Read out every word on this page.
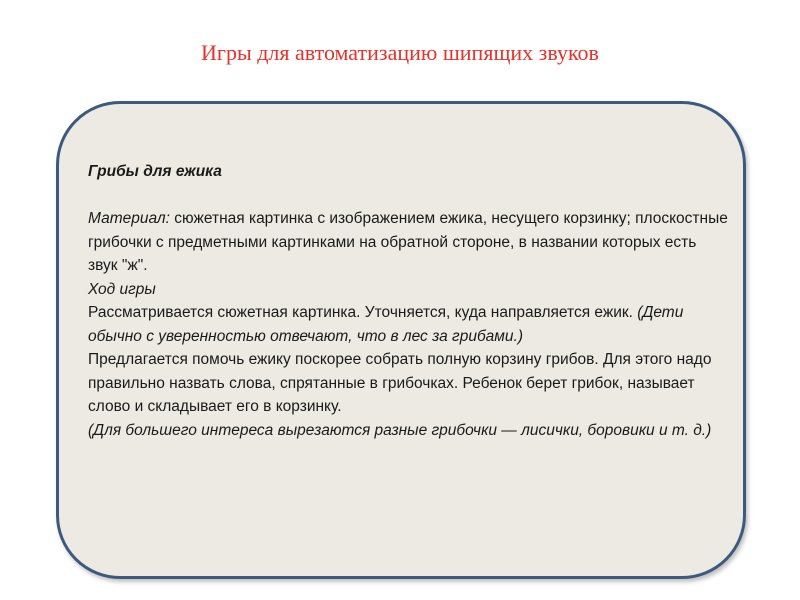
Игры для автоматизацию шипящих звуков

Грибы для ежика

Материал: сюжетная картинка с изображением ежика, несущего корзинку; плоскостные грибочки с предметными картинками на обратной стороне, в названии которых есть звук "ж".

Ход игры

Рассматривается сюжетная картинка. Уточняется, куда направляется ежик. (Дети обычно с уверенностью отвечают, что в лес за грибами.)

Предлагается помочь ежику поскорее собрать полную корзину грибов. Для этого надо правильно назвать слова, спрятанные в грибочках. Ребенок берет грибок, называет слово и складывает его в корзинку.

(Для большего интереса вырезаются разные грибочки — лисички, боровики и т. д.)
